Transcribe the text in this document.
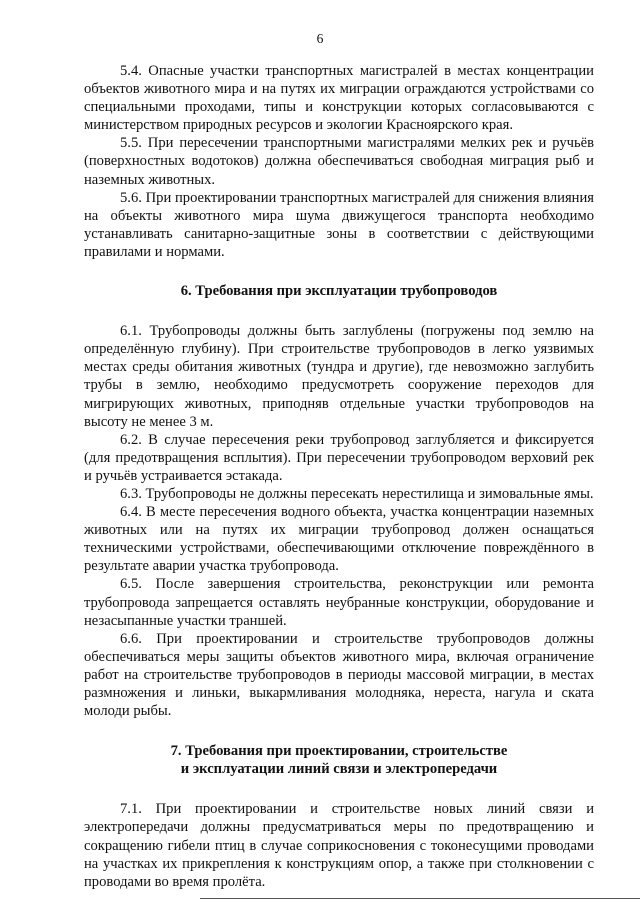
6

5.4. Опасные участки транспортных магистралей в местах концентрации объектов животного мира и на путях их миграции ограждаются устройствами со специальными проходами, типы и конструкции которых согласовываются с министерством природных ресурсов и экологии Красноярского края.

5.5. При пересечении транспортными магистралями мелких рек и ручьёв (поверхностных водотоков) должна обеспечиваться свободная миграция рыб и наземных животных.

5.6. При проектировании транспортных магистралей для снижения влияния на объекты животного мира шума движущегося транспорта необходимо устанавливать санитарно-защитные зоны в соответствии с действующими правилами и нормами.

6. Требования при эксплуатации трубопроводов

6.1. Трубопроводы должны быть заглублены (погружены под землю на определённую глубину). При строительстве трубопроводов в легко уязвимых местах среды обитания животных (тундра и другие), где невозможно заглубить трубы в землю, необходимо предусмотреть сооружение переходов для мигрирующих животных, приподняв отдельные участки трубопроводов на высоту не менее 3 м.

6.2. В случае пересечения реки трубопровод заглубляется и фиксируется (для предотвращения всплытия). При пересечении трубопроводом верховий рек и ручьёв устраивается эстакада.

6.3. Трубопроводы не должны пересекать нерестилища и зимовальные ямы.

6.4. В месте пересечения водного объекта, участка концентрации наземных животных или на путях их миграции трубопровод должен оснащаться техническими устройствами, обеспечивающими отключение повреждённого в результате аварии участка трубопровода.

6.5. После завершения строительства, реконструкции или ремонта трубопровода запрещается оставлять неубранные конструкции, оборудование и незасыпанные участки траншей.

6.6. При проектировании и строительстве трубопроводов должны обеспечиваться меры защиты объектов животного мира, включая ограничение работ на строительстве трубопроводов в периоды массовой миграции, в местах размножения и линьки, выкармливания молодняка, нереста, нагула и ската молоди рыбы.

7. Требования при проектировании, строительстве
и эксплуатации линий связи и электропередачи

7.1. При проектировании и строительстве новых линий связи и электропередачи должны предусматриваться меры по предотвращению и сокращению гибели птиц в случае соприкосновения с токонесущими проводами на участках их прикрепления к конструкциям опор, а также при столкновении с проводами во время пролёта.
